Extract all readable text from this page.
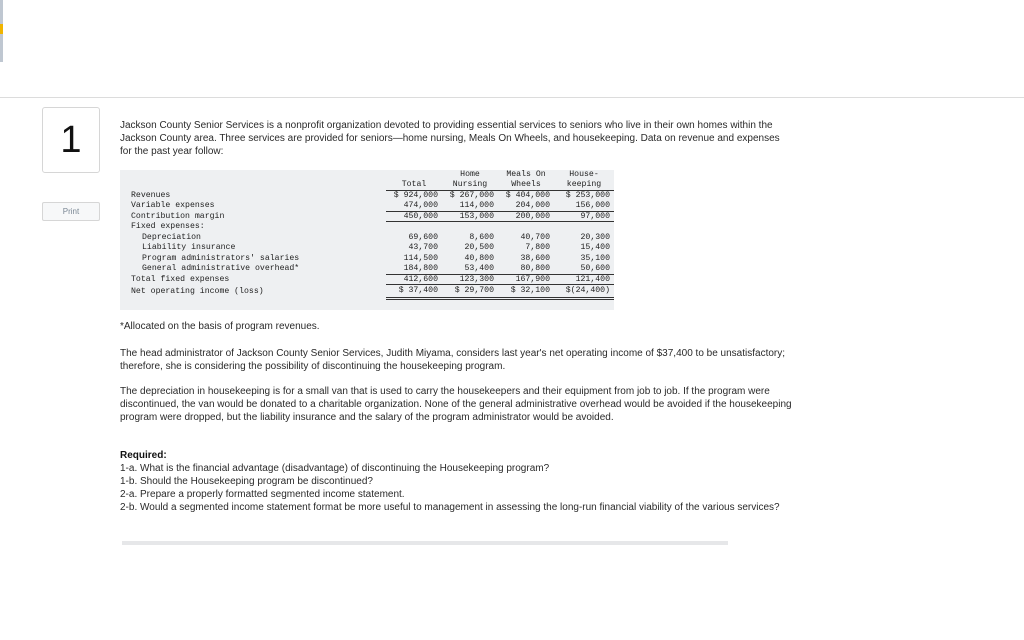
1
Print

Jackson County Senior Services is a nonprofit organization devoted to providing essential services to seniors who live in their own homes within the Jackson County area. Three services are provided for seniors—home nursing, Meals On Wheels, and housekeeping. Data on revenue and expenses for the past year follow:

		Home	Meals On	House-
	Total	Nursing	Wheels	keeping
Revenues	$ 924,000	$ 267,000	$ 404,000	$ 253,000
Variable expenses	474,000	114,000	204,000	156,000
Contribution margin	450,000	153,000	200,000	97,000
Fixed expenses:				
Depreciation	69,600	8,600	40,700	20,300
Liability insurance	43,700	20,500	7,800	15,400
Program administrators' salaries	114,500	40,800	38,600	35,100
General administrative overhead*	184,800	53,400	80,800	50,600
Total fixed expenses	412,600	123,300	167,900	121,400
Net operating income (loss)	$ 37,400	$ 29,700	$ 32,100	$(24,400)
*Allocated on the basis of program revenues.
The head administrator of Jackson County Senior Services, Judith Miyama, considers last year's net operating income of $37,400 to be unsatisfactory; therefore, she is considering the possibility of discontinuing the housekeeping program.
The depreciation in housekeeping is for a small van that is used to carry the housekeepers and their equipment from job to job. If the program were discontinued, the van would be donated to a charitable organization. None of the general administrative overhead would be avoided if the housekeeping program were dropped, but the liability insurance and the salary of the program administrator would be avoided.
Required:
1-a. What is the financial advantage (disadvantage) of discontinuing the Housekeeping program?
1-b. Should the Housekeeping program be discontinued?
2-a. Prepare a properly formatted segmented income statement.
2-b. Would a segmented income statement format be more useful to management in assessing the long-run financial viability of the various services?
